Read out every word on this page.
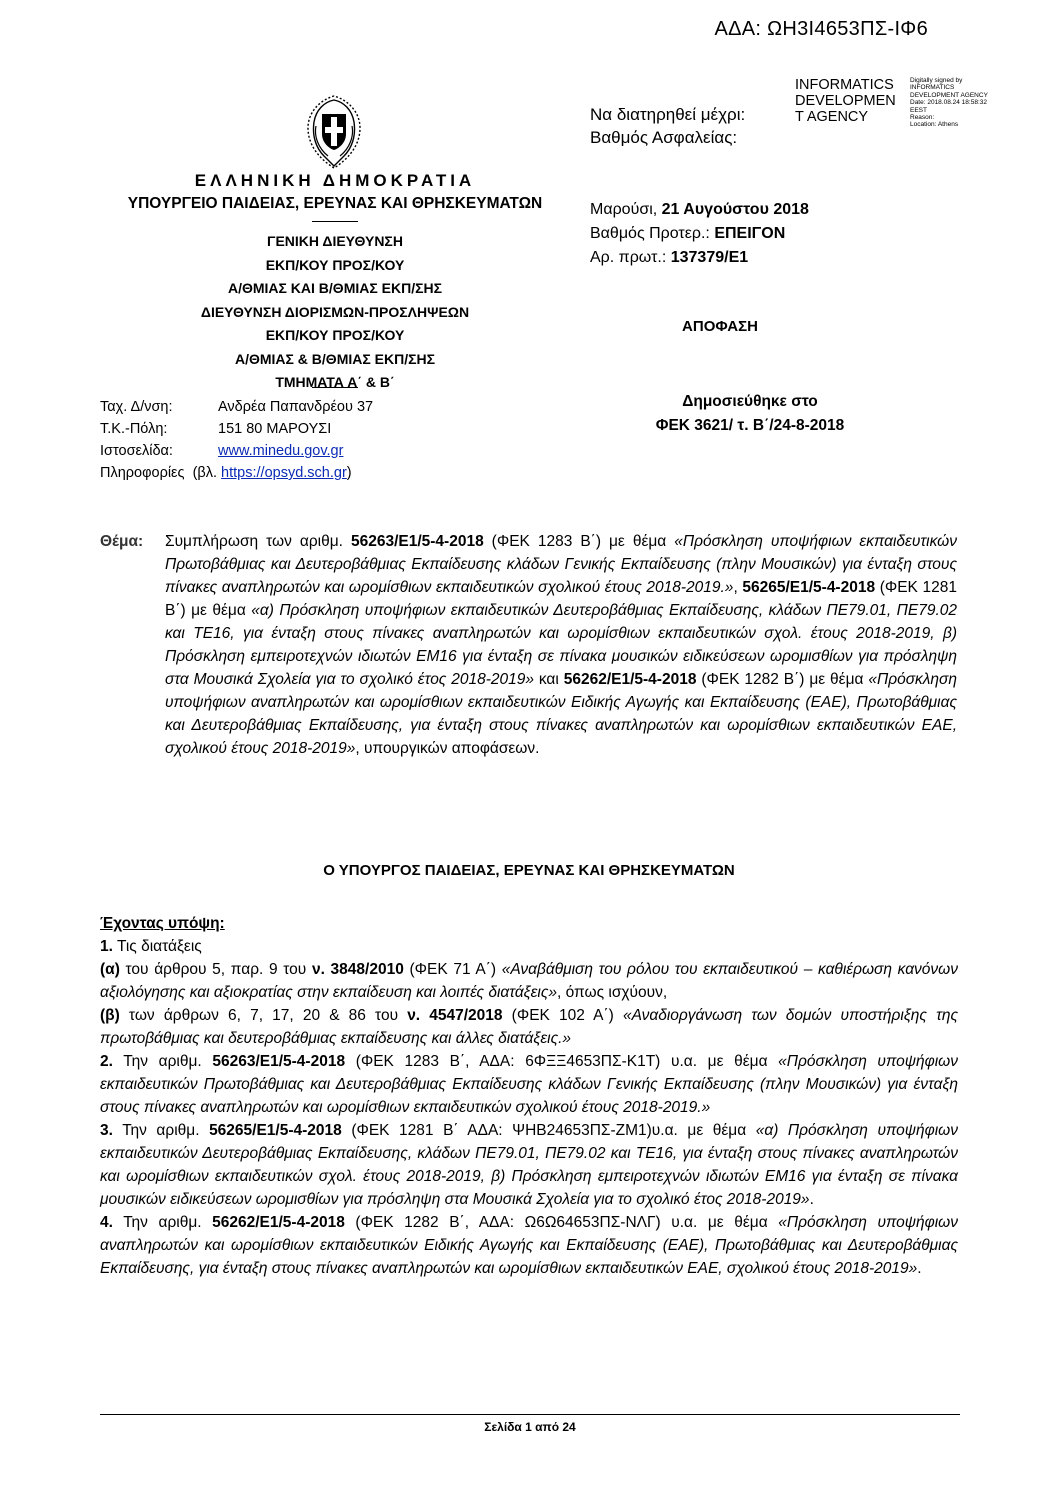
ΑΔΑ: ΩΗ3Ι4653ΠΣ-ΙΦ6
INFORMATICS DEVELOPMEN T AGENCY
Digitally signed by
INFORMATICS
DEVELOPMENT AGENCY
Date: 2018.08.24 18:58:32
EEST
Reason:
Location: Athens
Να διατηρηθεί μέχρι:
Βαθμός Ασφαλείας:
ΕΛΛΗΝΙΚΗ ΔΗΜΟΚΡΑΤΙΑ
ΥΠΟΥΡΓΕΙΟ ΠΑΙΔΕΙΑΣ, ΕΡΕΥΝΑΣ ΚΑΙ ΘΡΗΣΚΕΥΜΑΤΩΝ
ΓΕΝΙΚΗ ΔΙΕΥΘΥΝΣΗ
ΕΚΠ/ΚΟΥ ΠΡΟΣ/ΚΟΥ
Α/ΘΜΙΑΣ ΚΑΙ Β/ΘΜΙΑΣ ΕΚΠ/ΣΗΣ
ΔΙΕΥΘΥΝΣΗ ΔΙΟΡΙΣΜΩΝ-ΠΡΟΣΛΗΨΕΩΝ
ΕΚΠ/ΚΟΥ ΠΡΟΣ/ΚΟΥ
Α/ΘΜΙΑΣ & Β/ΘΜΙΑΣ ΕΚΠ/ΣΗΣ
ΤΜΗΜΑΤΑ Α΄ & Β΄
Μαρούσι, 21 Αυγούστου 2018
Βαθμός Προτερ.: ΕΠΕΙΓΟΝ
Αρ. πρωτ.: 137379/Ε1
ΑΠΟΦΑΣΗ
Δημοσιεύθηκε στο
ΦΕΚ 3621/ τ. Β΄/24-8-2018
Ταχ. Δ/νση:	Ανδρέα Παπανδρέου 37
Τ.Κ.-Πόλη:	151 80 ΜΑΡΟΥΣΙ
Ιστοσελίδα:	www.minedu.gov.gr
Πληροφορίες (βλ. https://opsyd.sch.gr)
Θέμα: Συμπλήρωση των αριθμ. 56263/Ε1/5-4-2018 (ΦΕΚ 1283 Β΄) με θέμα «Πρόσκληση υποψήφιων εκπαιδευτικών Πρωτοβάθμιας και Δευτεροβάθμιας Εκπαίδευσης κλάδων Γενικής Εκπαίδευσης (πλην Μουσικών) για ένταξη στους πίνακες αναπληρωτών και ωρομίσθιων εκπαιδευτικών σχολικού έτους 2018-2019.», 56265/Ε1/5-4-2018 (ΦΕΚ 1281 Β΄) με θέμα «α) Πρόσκληση υποψήφιων εκπαιδευτικών Δευτεροβάθμιας Εκπαίδευσης, κλάδων ΠΕ79.01, ΠΕ79.02 και ΤΕ16, για ένταξη στους πίνακες αναπληρωτών και ωρομίσθιων εκπαιδευτικών σχολ. έτους 2018-2019, β) Πρόσκληση εμπειροτεχνών ιδιωτών ΕΜ16 για ένταξη σε πίνακα μουσικών ειδικεύσεων ωρομισθίων για πρόσληψη στα Μουσικά Σχολεία για το σχολικό έτος 2018-2019» και 56262/Ε1/5-4-2018 (ΦΕΚ 1282 Β΄) με θέμα «Πρόσκληση υποψήφιων αναπληρωτών και ωρομίσθιων εκπαιδευτικών Ειδικής Αγωγής και Εκπαίδευσης (ΕΑΕ), Πρωτοβάθμιας και Δευτεροβάθμιας Εκπαίδευσης, για ένταξη στους πίνακες αναπληρωτών και ωρομίσθιων εκπαιδευτικών ΕΑΕ, σχολικού έτους 2018-2019», υπουργικών αποφάσεων.
Ο ΥΠΟΥΡΓΟΣ ΠΑΙΔΕΙΑΣ, ΕΡΕΥΝΑΣ ΚΑΙ ΘΡΗΣΚΕΥΜΑΤΩΝ
Έχοντας υπόψη:
1. Τις διατάξεις
(α) του άρθρου 5, παρ. 9 του ν. 3848/2010 (ΦΕΚ 71 Α΄) «Αναβάθμιση του ρόλου του εκπαιδευτικού – καθιέρωση κανόνων αξιολόγησης και αξιοκρατίας στην εκπαίδευση και λοιπές διατάξεις», όπως ισχύουν,
(β) των άρθρων 6, 7, 17, 20 & 86 του ν. 4547/2018 (ΦΕΚ 102 Α΄) «Αναδιοργάνωση των δομών υποστήριξης της πρωτοβάθμιας και δευτεροβάθμιας εκπαίδευσης και άλλες διατάξεις.»
2. Την αριθμ. 56263/Ε1/5-4-2018 (ΦΕΚ 1283 Β΄, ΑΔΑ: 6ΦΞΞ4653ΠΣ-Κ1Τ) υ.α. με θέμα «Πρόσκληση υποψήφιων εκπαιδευτικών Πρωτοβάθμιας και Δευτεροβάθμιας Εκπαίδευσης κλάδων Γενικής Εκπαίδευσης (πλην Μουσικών) για ένταξη στους πίνακες αναπληρωτών και ωρομίσθιων εκπαιδευτικών σχολικού έτους 2018-2019.»
3. Την αριθμ. 56265/Ε1/5-4-2018 (ΦΕΚ 1281 Β΄ ΑΔΑ: ΨΗΒ24653ΠΣ-ΖΜ1)υ.α. με θέμα «α) Πρόσκληση υποψήφιων εκπαιδευτικών Δευτεροβάθμιας Εκπαίδευσης, κλάδων ΠΕ79.01, ΠΕ79.02 και ΤΕ16, για ένταξη στους πίνακες αναπληρωτών και ωρομίσθιων εκπαιδευτικών σχολ. έτους 2018-2019, β) Πρόσκληση εμπειροτεχνών ιδιωτών ΕΜ16 για ένταξη σε πίνακα μουσικών ειδικεύσεων ωρομισθίων για πρόσληψη στα Μουσικά Σχολεία για το σχολικό έτος 2018-2019».
4. Την αριθμ. 56262/Ε1/5-4-2018 (ΦΕΚ 1282 Β΄, ΑΔΑ: Ω6Ω64653ΠΣ-ΝΛΓ) υ.α. με θέμα «Πρόσκληση υποψήφιων αναπληρωτών και ωρομίσθιων εκπαιδευτικών Ειδικής Αγωγής και Εκπαίδευσης (ΕΑΕ), Πρωτοβάθμιας και Δευτεροβάθμιας Εκπαίδευσης, για ένταξη στους πίνακες αναπληρωτών και ωρομίσθιων εκπαιδευτικών ΕΑΕ, σχολικού έτους 2018-2019».
Σελίδα 1 από 24
